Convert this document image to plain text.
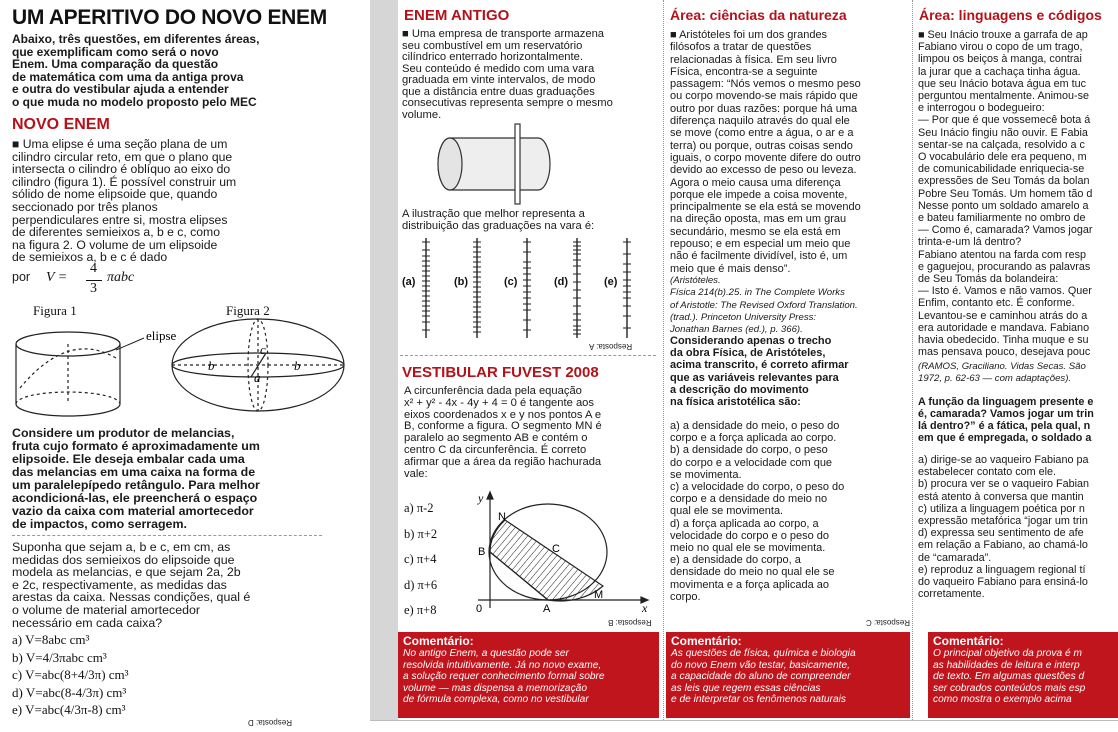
UM APERITIVO DO NOVO ENEM
Abaixo, três questões, em diferentes áreas,
que exemplificam como será o novo
Enem. Uma comparação da questão
de matemática com uma da antiga prova
e outra do vestibular ajuda a entender
o que muda no modelo proposto pelo MEC
NOVO ENEM
■ Uma elipse é uma seção plana de um
cilindro circular reto, em que o plano que
intersecta o cilindro é oblíquo ao eixo do
cilindro (figura 1). É possível construir um
sólido de nome elipsoide que, quando
seccionado por três planos
perpendiculares entre si, mostra elipses
de diferentes semieixos a, b e c, como
na figura 2. O volume de um elipsoide
de semieixos a, b e c é dado
por V =
4
3
πabc
Figura 1	Figura 2
elipse
b	b
c
a
Considere um produtor de melancias,
fruta cujo formato é aproximadamente um
elipsoide. Ele deseja embalar cada uma
das melancias em uma caixa na forma de
um paralelepípedo retângulo. Para melhor
acondicioná-las, ele preencherá o espaço
vazio da caixa com material amortecedor
de impactos, como serragem.
Suponha que sejam a, b e c, em cm, as
medidas dos semieixos do elipsoide que
modela as melancias, e que sejam 2a, 2b
e 2c, respectivamente, as medidas das
arestas da caixa. Nessas condições, qual é
o volume de material amortecedor
necessário em cada caixa?
a) V=8abc cm³
b) V=4/3πabc cm³
c) V=abc(8+4/3π) cm³
d) V=abc(8-4/3π) cm³
e) V=abc(4/3π-8) cm³
Resposta: D
ENEM ANTIGO
■ Uma empresa de transporte armazena
seu combustível em um reservatório
cilíndrico enterrado horizontalmente.
Seu conteúdo é medido com uma vara
graduada em vinte intervalos, de modo
que a distância entre duas graduações
consecutivas representa sempre o mesmo
volume.
A ilustração que melhor representa a
distribuição das graduações na vara é:
(a)	(b)	(c)	(d)	(e)
Resposta: A
VESTIBULAR FUVEST 2008
A circunferência dada pela equação
x² + y² - 4x - 4y + 4 = 0 é tangente aos
eixos coordenados x e y nos pontos A e
B, conforme a figura. O segmento MN é
paralelo ao segmento AB e contém o
centro C da circunferência. É correto
afirmar que a área da região hachurada
vale:
a) π-2
b) π+2
c) π+4
d) π+6
e) π+8
y
x
N
B	C
M
A
0
Resposta: B
Comentário:
No antigo Enem, a questão pode ser
resolvida intuitivamente. Já no novo exame,
a solução requer conhecimento formal sobre
volume — mas dispensa a memorização
de fórmula complexa, como no vestibular
Área: ciências da natureza
■ Aristóteles foi um dos grandes
filósofos a tratar de questões
relacionadas à física. Em seu livro
Física, encontra-se a seguinte
passagem: “Nós vemos o mesmo peso
ou corpo movendo-se mais rápido que
outro por duas razões: porque há uma
diferença naquilo através do qual ele
se move (como entre a água, o ar e a
terra) ou porque, outras coisas sendo
iguais, o corpo movente difere do outro
devido ao excesso de peso ou leveza.
Agora o meio causa uma diferença
porque ele impede a coisa movente,
principalmente se ela está se movendo
na direção oposta, mas em um grau
secundário, mesmo se ela está em
repouso; e em especial um meio que
não é facilmente dividível, isto é, um
meio que é mais denso”.
(Aristóteles.
Física 214(b).25. in The Complete Works
of Aristotle: The Revised Oxford Translation.
(trad.). Princeton University Press:
Jonathan Barnes (ed.), p. 366).
Considerando apenas o trecho
da obra Física, de Aristóteles,
acima transcrito, é correto afirmar
que as variáveis relevantes para
a descrição do movimento
na física aristotélica são:
a) a densidade do meio, o peso do
corpo e a força aplicada ao corpo.
b) a densidade do corpo, o peso
do corpo e a velocidade com que
se movimenta.
c) a velocidade do corpo, o peso do
corpo e a densidade do meio no
qual ele se movimenta.
d) a força aplicada ao corpo, a
velocidade do corpo e o peso do
meio no qual ele se movimenta.
e) a densidade do corpo, a
densidade do meio no qual ele se
movimenta e a força aplicada ao
corpo.
Resposta: C
Comentário:
As questões de física, química e biologia
do novo Enem vão testar, basicamente,
a capacidade do aluno de compreender
as leis que regem essas ciências
e de interpretar os fenômenos naturais
Área: linguagens e códigos
■ Seu Inácio trouxe a garrafa de ap
Fabiano virou o copo de um trago,
limpou os beiços à manga, contrai
la jurar que a cachaça tinha água.
que seu Inácio botava água em tuc
perguntou mentalmente. Animou-se
e interrogou o bodegueiro:
— Por que é que vossemecê bota á
Seu Inácio fingiu não ouvir. E Fabia
sentar-se na calçada, resolvido a c
O vocabulário dele era pequeno, m
de comunicabilidade enriquecia-se
expressões de Seu Tomás da bolan
Pobre Seu Tomás. Um homem tão d
Nesse ponto um soldado amarelo a
e bateu familiarmente no ombro de
— Como é, camarada? Vamos jogar
trinta-e-um lá dentro?
Fabiano atentou na farda com resp
e gaguejou, procurando as palavras
de Seu Tomás da bolandeira:
— Isto é. Vamos e não vamos. Quer
Enfim, contanto etc. É conforme.
Levantou-se e caminhou atrás do a
era autoridade e mandava. Fabiano
havia obedecido. Tinha muque e su
mas pensava pouco, desejava pouc
(RAMOS, Graciliano. Vidas Secas. São
1972, p. 62-63 — com adaptações).
A função da linguagem presente e
é, camarada? Vamos jogar um trin
lá dentro?” é a fática, pela qual, n
em que é empregada, o soldado a
a) dirige-se ao vaqueiro Fabiano pa
estabelecer contato com ele.
b) procura ver se o vaqueiro Fabian
está atento à conversa que mantin
c) utiliza a linguagem poética por n
expressão metafórica “jogar um trin
d) expressa seu sentimento de afe
em relação a Fabiano, ao chamá-lo
de “camarada”.
e) reproduz a linguagem regional tí
do vaqueiro Fabiano para ensiná-lo
corretamente.
Comentário:
O principal objetivo da prova é m
as habilidades de leitura e interp
de texto. Em algumas questões d
ser cobrados conteúdos mais esp
como mostra o exemplo acima
